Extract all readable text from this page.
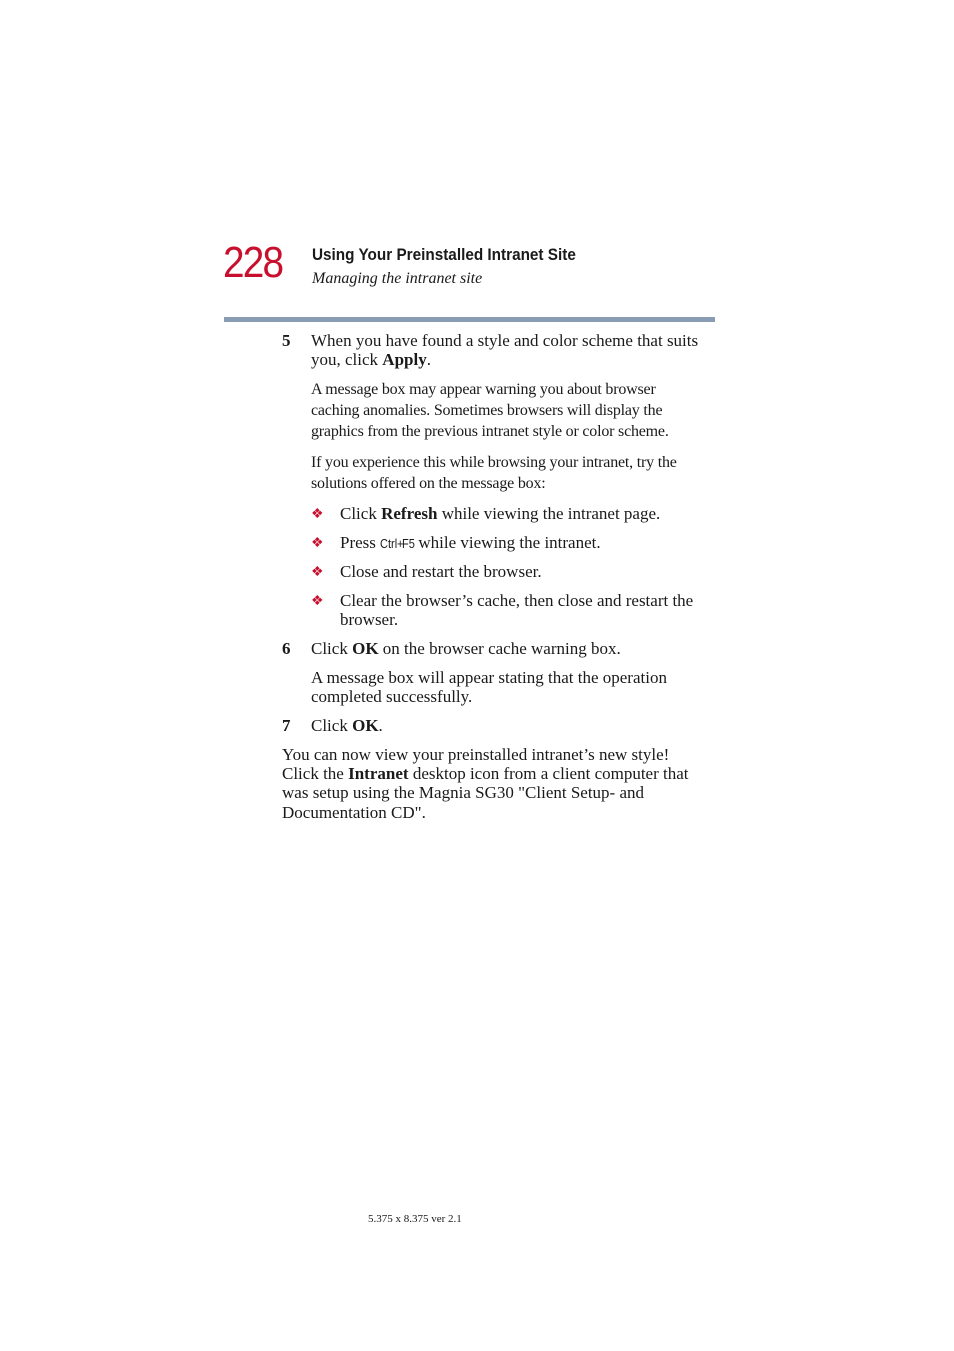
228 Using Your Preinstalled Intranet Site
Managing the intranet site
5 When you have found a style and color scheme that suits
you, click Apply.
A message box may appear warning you about browser
caching anomalies. Sometimes browsers will display the
graphics from the previous intranet style or color scheme.
If you experience this while browsing your intranet, try the
solutions offered on the message box:
❖ Click Refresh while viewing the intranet page.
❖ Press Ctrl+F5 while viewing the intranet.
❖ Close and restart the browser.
❖ Clear the browser’s cache, then close and restart the
browser.
6 Click OK on the browser cache warning box.
A message box will appear stating that the operation
completed successfully.
7 Click OK.
You can now view your preinstalled intranet’s new style!
Click the Intranet desktop icon from a client computer that
was setup using the Magnia SG30 "Client Setup- and
Documentation CD".
5.375 x 8.375 ver 2.1
